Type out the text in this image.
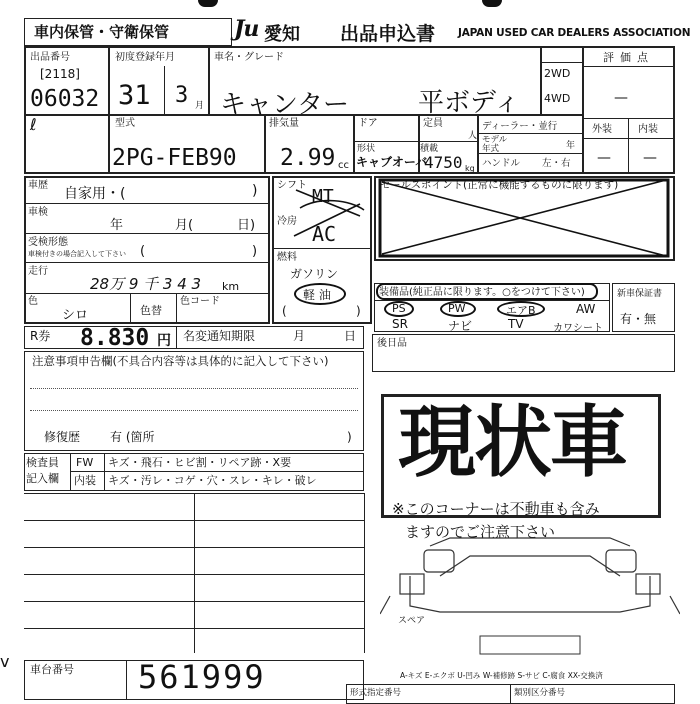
車内保管・守衛保管	Ju 愛知 出品申込書 JAPAN USED CAR DEALERS ASSOCIATION
出品番号
[2118]
06032
ℓ
初度登録年月
31 3 月
車名・グレード
キャンター	平ボディ
2WD
4WD
評価点
—
型式
2PG-FEB90
排気量
2.99 cc
ドア	定員
人
ディーラー・並行
モデル年式	年
ハンドル 左・右
形状
キャブオーバ
積載
4750 kg
外装	内装
— —
車歴
自家用・(	)
車検
年	月(	日)
受検形態
車検付きの場合記入して下さい (	)
走行
28万 9 千 3 4 3 km
色
シロ	色替
色コード
シフト
MT
冷房
AC
燃料
ガソリン
軽 油
(	)
セールスポイント(正常に機能するものに限ります)
装備品(純正品に限ります。○をつけて下さい)
PS	PW	エアB	AW
SR	ナビ	TV	カワシート
新車保証書
有・無
R券 8.830 円 名変通知期限	月	日
後日品
注意事項申告欄(不具合内容等は具体的に記入して下さい)
修復歴 有 (箇所	)
検査員
記入欄
FW キズ・飛石・ヒビ割・リペア跡・X要
内装 キズ・汚レ・コゲ・穴・スレ・キレ・破レ 現状車
※このコーナーは不動車も含み
ますのでご注意下さい
スペア
A-キズ E-エクボ U-凹み W-補修跡 S-サビ C-腐食 XX-交換済
v 車台番号 561999	形式指定番号	類別区分番号
